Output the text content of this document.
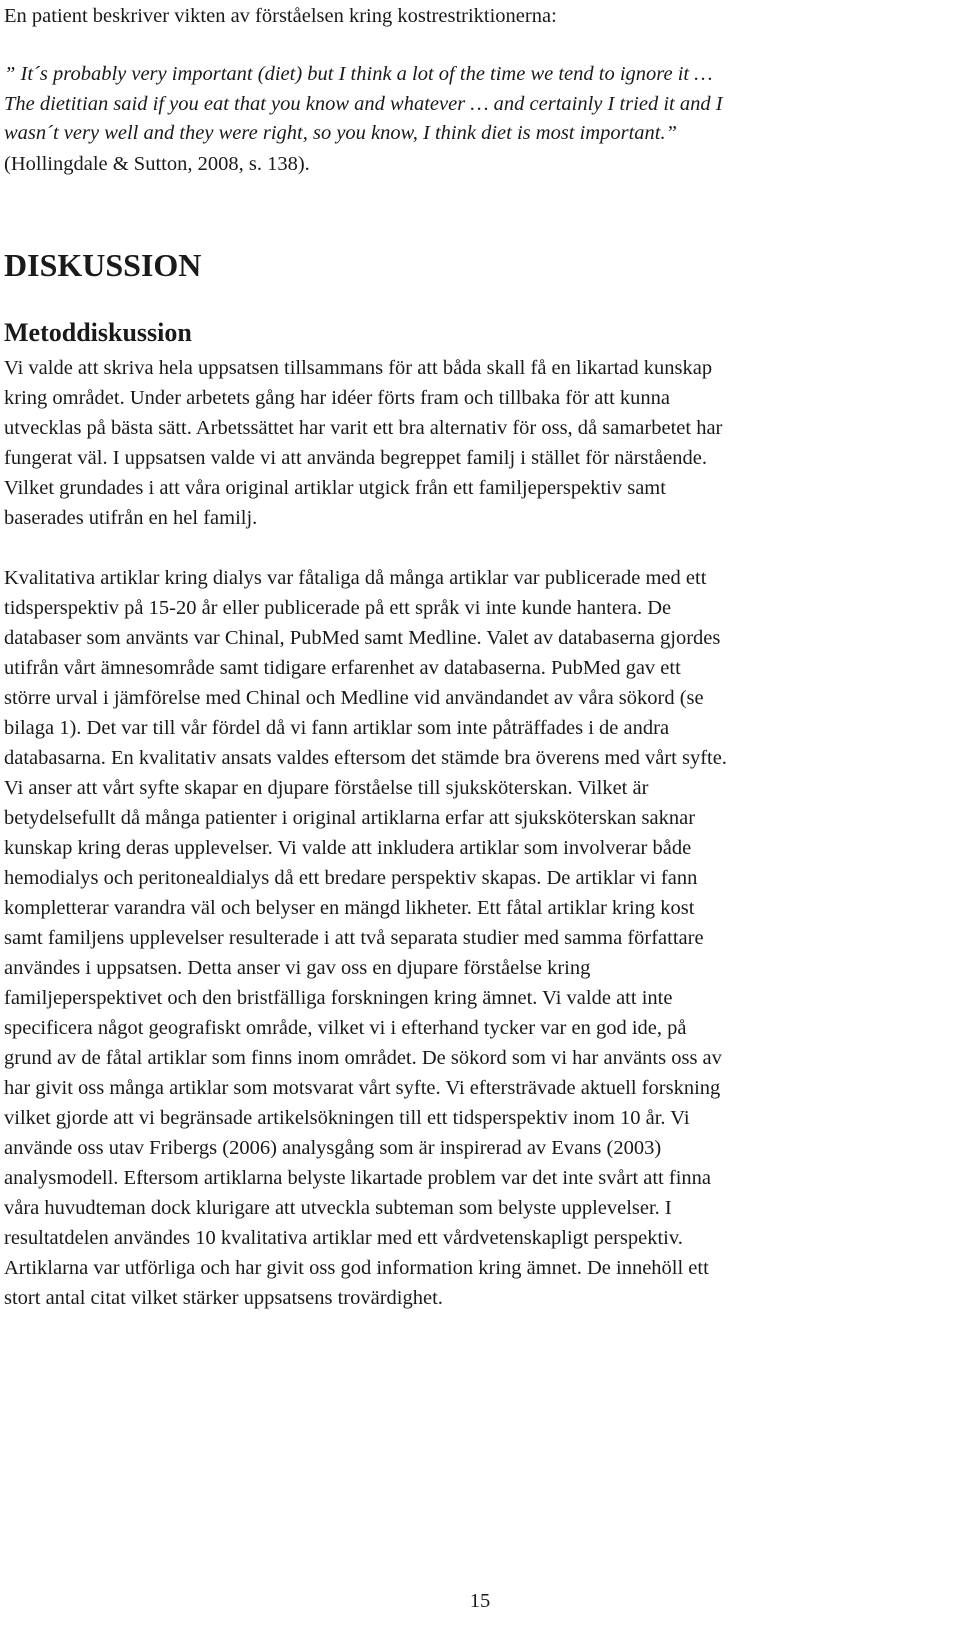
En patient beskriver vikten av förståelsen kring kostrestriktionerna:
” It´s probably very important (diet) but I think a lot of the time we tend to ignore it …
The dietitian said if you eat that you know and whatever … and certainly I tried it and I
wasn´t very well and they were right, so you know, I think diet is most important.”
(Hollingdale & Sutton, 2008, s. 138).
DISKUSSION
Metoddiskussion
Vi valde att skriva hela uppsatsen tillsammans för att båda skall få en likartad kunskap
kring området. Under arbetets gång har idéer förts fram och tillbaka för att kunna
utvecklas på bästa sätt. Arbetssättet har varit ett bra alternativ för oss, då samarbetet har
fungerat väl. I uppsatsen valde vi att använda begreppet familj i stället för närstående.
Vilket grundades i att våra original artiklar utgick från ett familjeperspektiv samt
baserades utifrån en hel familj.
Kvalitativa artiklar kring dialys var fåtaliga då många artiklar var publicerade med ett
tidsperspektiv på 15-20 år eller publicerade på ett språk vi inte kunde hantera. De
databaser som använts var Chinal, PubMed samt Medline. Valet av databaserna gjordes
utifrån vårt ämnesområde samt tidigare erfarenhet av databaserna. PubMed gav ett
större urval i jämförelse med Chinal och Medline vid användandet av våra sökord (se
bilaga 1). Det var till vår fördel då vi fann artiklar som inte påträffades i de andra
databasarna. En kvalitativ ansats valdes eftersom det stämde bra överens med vårt syfte.
Vi anser att vårt syfte skapar en djupare förståelse till sjuksköterskan. Vilket är
betydelsefullt då många patienter i original artiklarna erfar att sjuksköterskan saknar
kunskap kring deras upplevelser. Vi valde att inkludera artiklar som involverar både
hemodialys och peritonealdialys då ett bredare perspektiv skapas. De artiklar vi fann
kompletterar varandra väl och belyser en mängd likheter. Ett fåtal artiklar kring kost
samt familjens upplevelser resulterade i att två separata studier med samma författare
användes i uppsatsen. Detta anser vi gav oss en djupare förståelse kring
familjeperspektivet och den bristfälliga forskningen kring ämnet. Vi valde att inte
specificera något geografiskt område, vilket vi i efterhand tycker var en god ide, på
grund av de fåtal artiklar som finns inom området. De sökord som vi har använts oss av
har givit oss många artiklar som motsvarat vårt syfte. Vi eftersträvade aktuell forskning
vilket gjorde att vi begränsade artikelsökningen till ett tidsperspektiv inom 10 år. Vi
använde oss utav Fribergs (2006) analysgång som är inspirerad av Evans (2003)
analysmodell. Eftersom artiklarna belyste likartade problem var det inte svårt att finna
våra huvudteman dock klurigare att utveckla subteman som belyste upplevelser. I
resultatdelen användes 10 kvalitativa artiklar med ett vårdvetenskapligt perspektiv.
Artiklarna var utförliga och har givit oss god information kring ämnet. De innehöll ett
stort antal citat vilket stärker uppsatsens trovärdighet.
15
